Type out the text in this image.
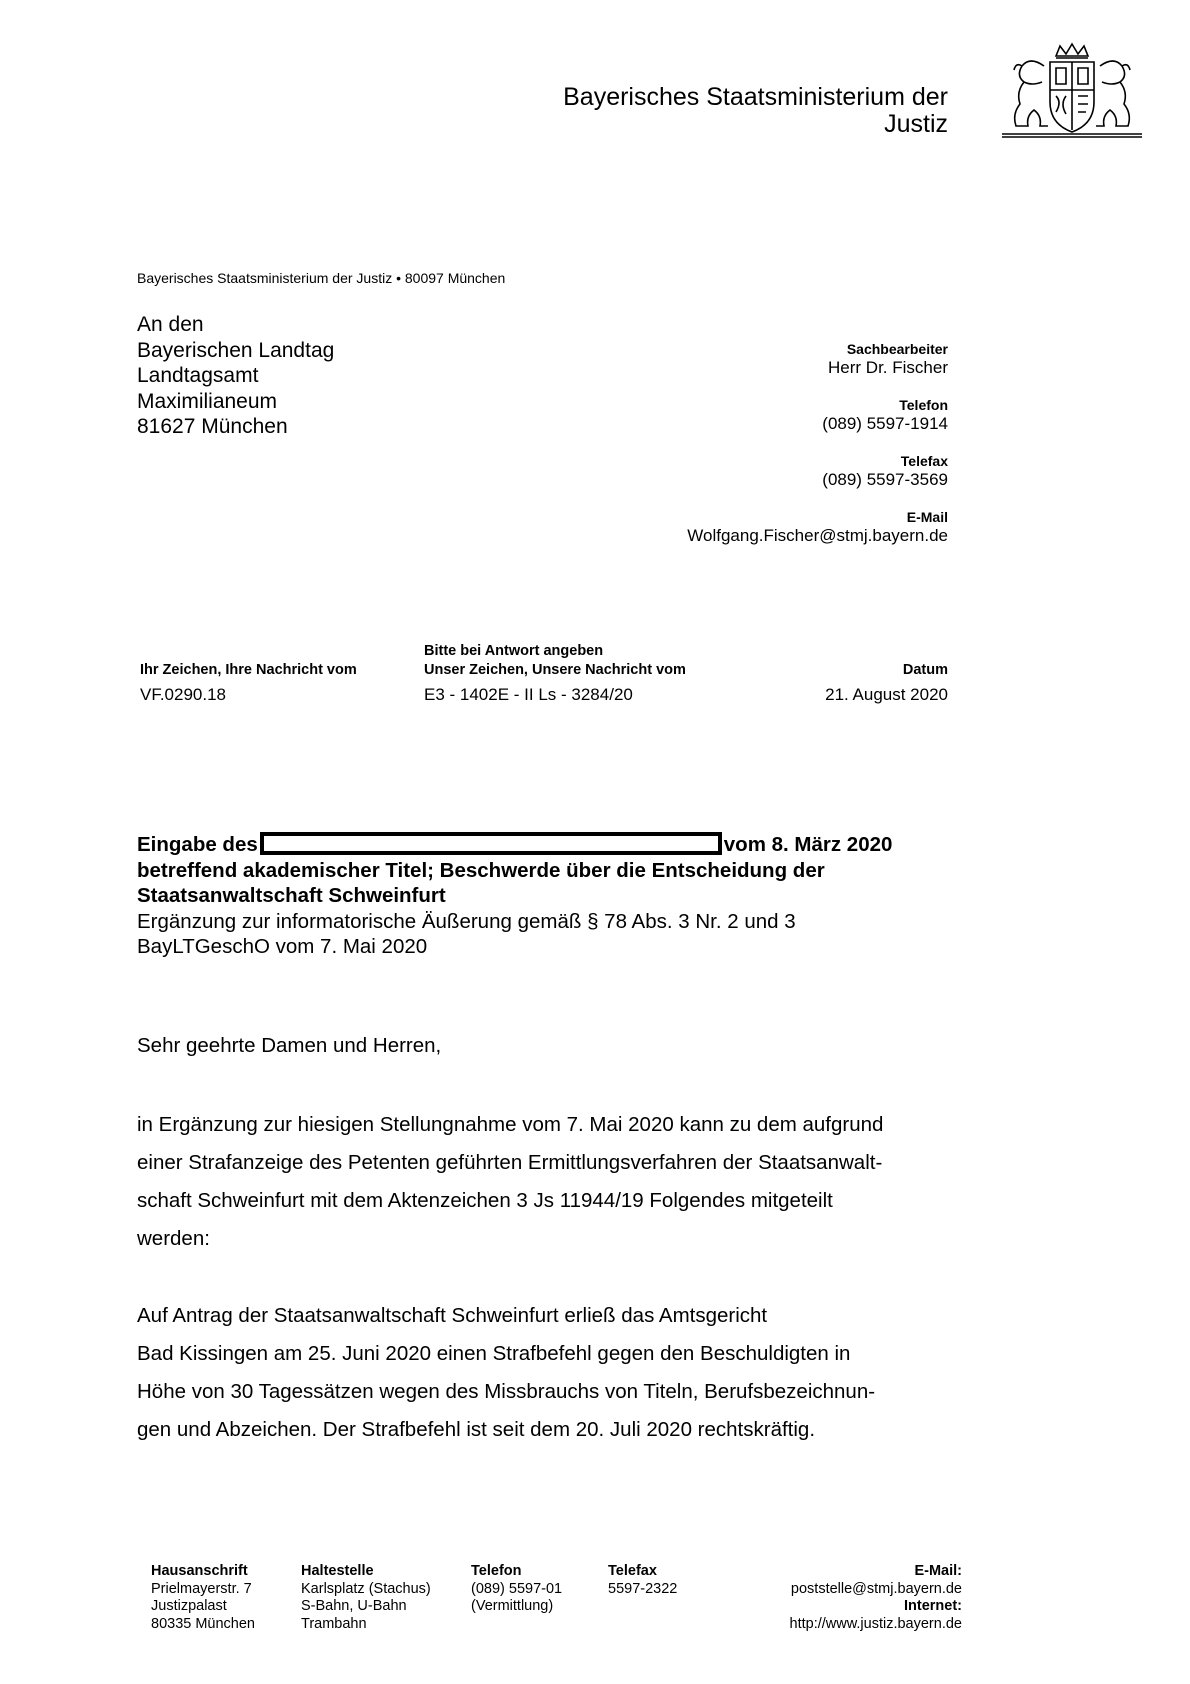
Bayerisches Staatsministerium der
Justiz
Bayerisches Staatsministerium der Justiz • 80097 München
An den
Bayerischen Landtag
Landtagsamt
Maximilianeum
81627 München
Sachbearbeiter
Herr Dr. Fischer
Telefon
(089) 5597-1914
Telefax
(089) 5597-3569
E-Mail
Wolfgang.Fischer@stmj.bayern.de
Ihr Zeichen, Ihre Nachricht vom
VF.0290.18
Bitte bei Antwort angeben
Unser Zeichen, Unsere Nachricht vom
E3 - 1402E - II Ls - 3284/20
Datum
21. August 2020
Eingabe des	vom 8. März 2020
betreffend akademischer Titel; Beschwerde über die Entscheidung der
Staatsanwaltschaft Schweinfurt
Ergänzung zur informatorische Äußerung gemäß § 78 Abs. 3 Nr. 2 und 3
BayLTGeschO vom 7. Mai 2020
Sehr geehrte Damen und Herren,
in Ergänzung zur hiesigen Stellungnahme vom 7. Mai 2020 kann zu dem aufgrund
einer Strafanzeige des Petenten geführten Ermittlungsverfahren der Staatsanwalt-
schaft Schweinfurt mit dem Aktenzeichen 3 Js 11944/19 Folgendes mitgeteilt
werden:
Auf Antrag der Staatsanwaltschaft Schweinfurt erließ das Amtsgericht
Bad Kissingen am 25. Juni 2020 einen Strafbefehl gegen den Beschuldigten in
Höhe von 30 Tagessätzen wegen des Missbrauchs von Titeln, Berufsbezeichnun-
gen und Abzeichen. Der Strafbefehl ist seit dem 20. Juli 2020 rechtskräftig.
Hausanschrift
Prielmayerstr. 7
Justizpalast
80335 München
Haltestelle
Karlsplatz (Stachus)
S-Bahn, U-Bahn
Trambahn
Telefon
(089) 5597-01
(Vermittlung)
Telefax
5597-2322
E-Mail:
poststelle@stmj.bayern.de
Internet:
http://www.justiz.bayern.de
